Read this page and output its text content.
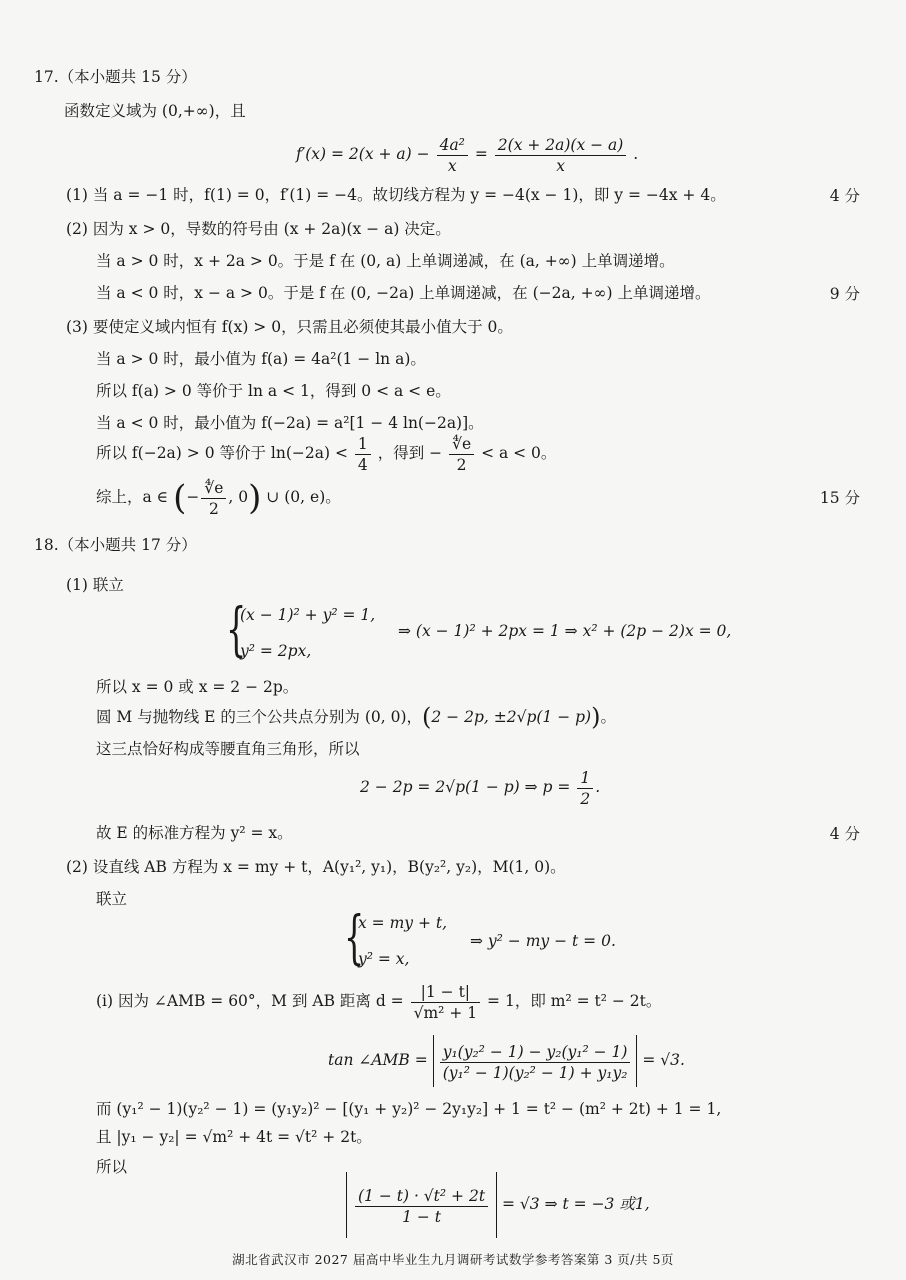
17.（本小题共 15 分）
函数定义域为 (0,+∞)，且
$f'(x) = 2(x + a) - \frac{\text{4a²}}{x} = \frac{2(x + 2a)(x - a)}{x}$ .
(1) 当 a = −1 时，f(1) = 0，f′(1) = −4。故切线方程为 y = −4(x − 1)，即 y = −4x + 4。	4 分
(2) 因为 x > 0，导数的符号由 (x + 2a)(x − a) 决定。
当 a > 0 时，x + 2a > 0。于是 f 在 (0, a) 上单调递减，在 (a, +∞) 上单调递增。
当 a < 0 时，x − a > 0。于是 f 在 (0, −2a) 上单调递减，在 (−2a, +∞) 上单调递增。	9 分
(3) 要使定义域内恒有 f(x) > 0，只需且必须使其最小值大于 0。
当 a > 0 时，最小值为 f(a) = 4a²(1 − ln a)。
所以 f(a) > 0 等价于 ln a < 1，得到 0 < a < e。
当 a < 0 时，最小值为 f(−2a) = a²[1 − 4 ln(−2a)]。
所以 f(−2a) > 0 等价于 $\ln(-2a) < \frac{1}{4}$ ，得到 − $\frac{∜e}{2} < a < 0$。
综上，a ∈ (− $\frac{∜e}{2}$ , 0) ∪ (0, e)。	15 分
18.（本小题共 17 分）
(1) 联立
{
(x − 1)² + y² = 1,
y² = 2px,
⇒ (x − 1)² + 2px = 1 ⇒ x² + (2p − 2)x = 0,
所以 x = 0 或 x = 2 − 2p。
圆 M 与抛物线 E 的三个公共点分别为 (0, 0)，(2 − 2p, ±2√p(1 − p))。
这三点恰好构成等腰直角三角形，所以
2 − 2p = 2√p(1 − p) ⇒ $p = \frac{1}{2}$ .
故 E 的标准方程为 y² = x。	4 分
(2) 设直线 AB 方程为 x = my + t，A(y₁², y₁)，B(y₂², y₂)，M(1, 0)。
联立
{
x = my + t,
y² = x,
⇒ y² − my − t = 0.
(i) 因为 ∠AMB = 60°，M 到 AB 距离 $d = \frac{|1 - t|}{\text{√m² + 1}} = 1$，即 m² = t² − 2t。
tan ∠AMB = $\frac{\text{y₁(y₂² − 1) − y₂(y₁² − 1)}}{\text{(y₁² − 1)(y₂² − 1) + y₁y₂}} = √3$.
而 (y₁² − 1)(y₂² − 1) = (y₁y₂)² − [(y₁ + y₂)² − 2y₁y₂] + 1 = t² − (m² + 2t) + 1 = 1,
且 |y₁ − y₂| = √m² + 4t = √t² + 2t。
所以
$\frac{\text{(1 − t) · √t² + 2t}}{1 - t} = √3$ ⇒ t = −3 或1,
湖北省武汉市 2027 届高中毕业生九月调研考试数学参考答案第 3 页/共 5页
